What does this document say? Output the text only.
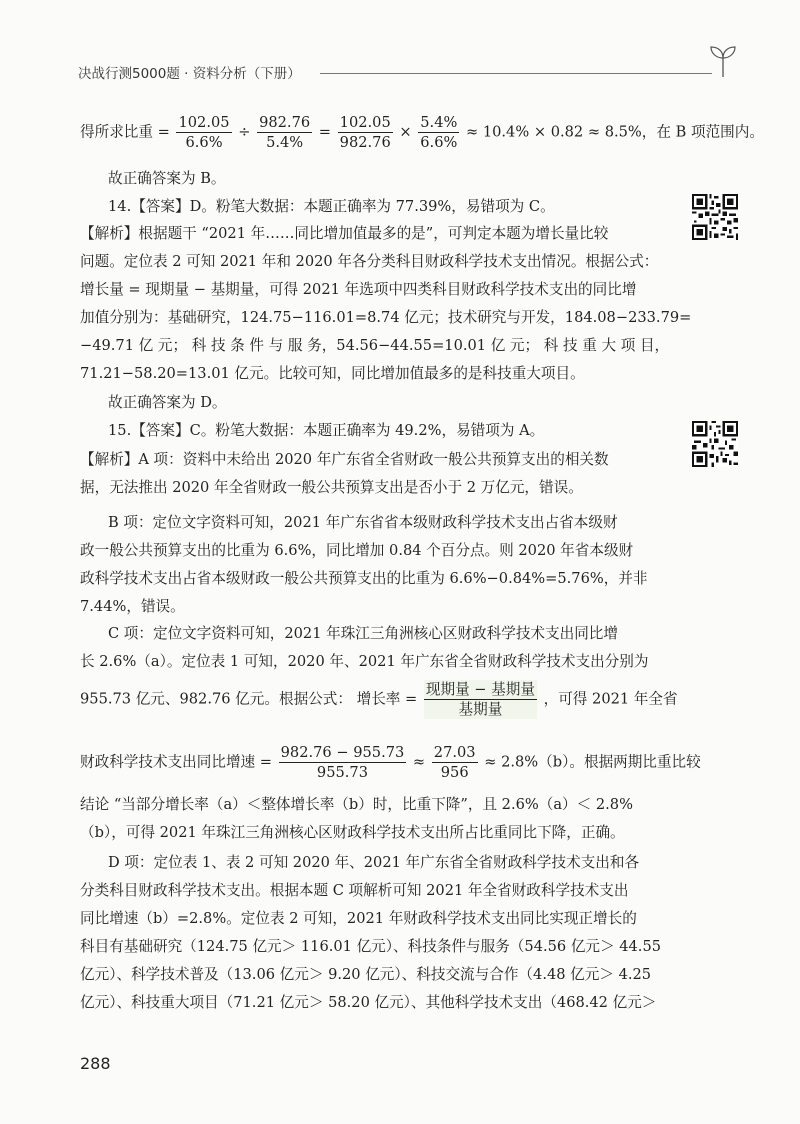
决战行测5000题 · 资料分析（下册）
得所求比重 = $\frac{102.05}{6.6\%} \div \frac{982.76}{5.4\%} = \frac{102.05}{982.76} \times \frac{5.4\%}{6.6\%} \approx 10.4\% \times 0.82 \approx 8.5\%$，在 B 项范围内。
故正确答案为 B。
14.【答案】D。粉笔大数据：本题正确率为 77.39%，易错项为 C。
【解析】根据题干 “2021 年……同比增加值最多的是”，可判定本题为增长量比较
问题。定位表 2 可知 2021 年和 2020 年各分类科目财政科学技术支出情况。根据公式：
增长量 = 现期量 − 基期量，可得 2021 年选项中四类科目财政科学技术支出的同比增
加值分别为：基础研究，124.75−116.01=8.74 亿元；技术研究与开发，184.08−233.79=
−49.71 亿 元； 科 技 条 件 与 服 务，54.56−44.55=10.01 亿 元； 科 技 重 大 项 目，
71.21−58.20=13.01 亿元。比较可知，同比增加值最多的是科技重大项目。
故正确答案为 D。
15.【答案】C。粉笔大数据：本题正确率为 49.2%，易错项为 A。
【解析】A 项：资料中未给出 2020 年广东省全省财政一般公共预算支出的相关数
据，无法推出 2020 年全省财政一般公共预算支出是否小于 2 万亿元，错误。
B 项：定位文字资料可知，2021 年广东省省本级财政科学技术支出占省本级财
政一般公共预算支出的比重为 6.6%，同比增加 0.84 个百分点。则 2020 年省本级财
政科学技术支出占省本级财政一般公共预算支出的比重为 6.6%−0.84%=5.76%，并非
7.44%，错误。
C 项：定位文字资料可知，2021 年珠江三角洲核心区财政科学技术支出同比增
长 2.6%（a）。定位表 1 可知，2020 年、2021 年广东省全省财政科学技术支出分别为
955.73 亿元、982.76 亿元。根据公式： 增长率 = $\frac{\text{现期量 − 基期量}}{\text{基期量}}$ ，可得 2021 年全省
财政科学技术支出同比增速 = $\frac{982.76 - 955.73}{955.73} \approx \frac{27.03}{956} \approx 2.8\%(b)$。根据两期比重比较
结论 “当部分增长率（a）＜整体增长率（b）时，比重下降”，且 2.6%（a）＜ 2.8%
（b），可得 2021 年珠江三角洲核心区财政科学技术支出所占比重同比下降，正确。
D 项：定位表 1、表 2 可知 2020 年、2021 年广东省全省财政科学技术支出和各
分类科目财政科学技术支出。根据本题 C 项解析可知 2021 年全省财政科学技术支出
同比增速（b）=2.8%。定位表 2 可知，2021 年财政科学技术支出同比实现正增长的
科目有基础研究（124.75 亿元＞ 116.01 亿元）、科技条件与服务（54.56 亿元＞ 44.55
亿元）、科学技术普及（13.06 亿元＞ 9.20 亿元）、科技交流与合作（4.48 亿元＞ 4.25
亿元）、科技重大项目（71.21 亿元＞ 58.20 亿元）、其他科学技术支出（468.42 亿元＞
288
